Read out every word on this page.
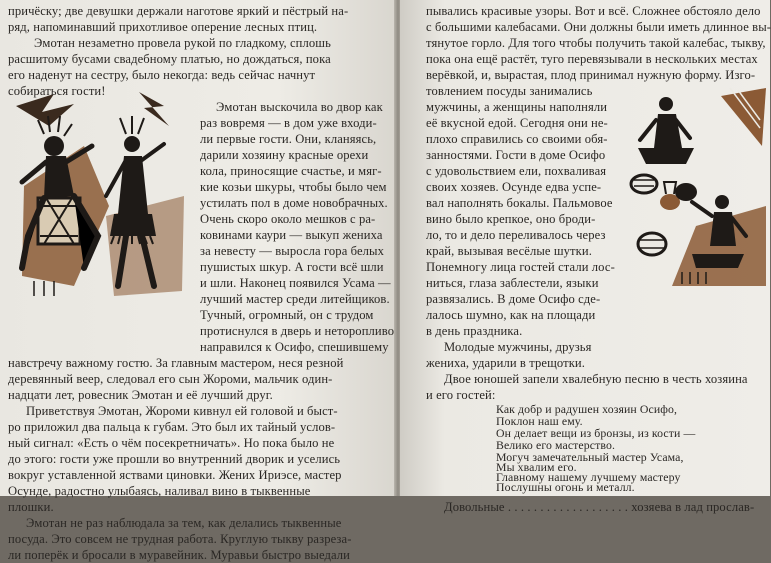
причёску; две девушки держали наготове яркий и пёстрый на-
ряд, напоминавший прихотливое оперение лесных птиц.
Эмотан незаметно провела рукой по гладкому, сплошь
расшитому бусами свадебному платью, но дождаться, пока
его наденут на сестру, было некогда: ведь сейчас начнут
собираться гости!
Эмотан выскочила во двор как
раз вовремя — в дом уже входи-
ли первые гости. Они, кланяясь,
дарили хозяину красные орехи
кола, приносящие счастье, и мяг-
кие козьи шкуры, чтобы было чем
устилать пол в доме новобрачных.
Очень скоро около мешков с ра-
ковинами каури — выкуп жениха
за невесту — выросла гора белых
пушистых шкур. А гости всё шли
и шли. Наконец появился Усама —
лучший мастер среди литейщиков.
Тучный, огромный, он с трудом
протиснулся в дверь и неторопливо
направился к Осифо, спешившему
навстречу важному гостю. За главным мастером, неся резной
деревянный веер, следовал его сын Жороми, мальчик один-
надцати лет, ровесник Эмотан и её лучший друг.
Приветствуя Эмотан, Жороми кивнул ей головой и быст-
ро приложил два пальца к губам. Это был их тайный услов-
ный сигнал: «Есть о чём посекретничать». Но пока было не
до этого: гости уже прошли во внутренний дворик и уселись
вокруг уставленной яствами циновки. Жених Ириэсе, мастер
Осунде, радостно улыбаясь, наливал вино в тыквенные
плошки.
Эмотан не раз наблюдала за тем, как делались тыквенные
посуда. Это совсем не трудная работа. Круглую тыкву разреза-
ли поперёк и бросали в муравейник. Муравьи быстро выедали
пывались красивые узоры. Вот и всё. Сложнее обстояло дело
с большими калебасами. Они должны были иметь длинное вы-
тянутое горло. Для того чтобы получить такой калебас, тыкву,
пока она ещё растёт, туго перевязывали в нескольких местах
верёвкой, и, вырастая, плод принимал нужную форму. Изго-
товлением посуды занимались
мужчины, а женщины наполняли
её вкусной едой. Сегодня они не-
плохо справились со своими обя-
занностями. Гости в доме Осифо
с удовольствием ели, похваливая
своих хозяев. Осунде едва успе-
вал наполнять бокалы. Пальмовое
вино было крепкое, оно броди-
ло, то и дело переливалось через
край, вызывая весёлые шутки.
Понемногу лица гостей стали лос-
ниться, глаза заблестели, языки
развязались. В доме Осифо сде-
лалось шумно, как на площади
в день праздника.
Молодые мужчины, друзья
жениха, ударили в трещотки.
Двое юношей запели хвалебную песню в честь хозяина
и его гостей:
Довольные . . . . . . . . . . . . . . . . . . . хозяева в лад прослав-
Как добр и радушен хозяин Осифо,
Поклон наш ему.
Он делает вещи из бронзы, из кости —
Велико его мастерство.
Могуч замечательный мастер Усама,
Мы хвалим его.
Главному нашему лучшему мастеру
Послушны огонь и металл.
